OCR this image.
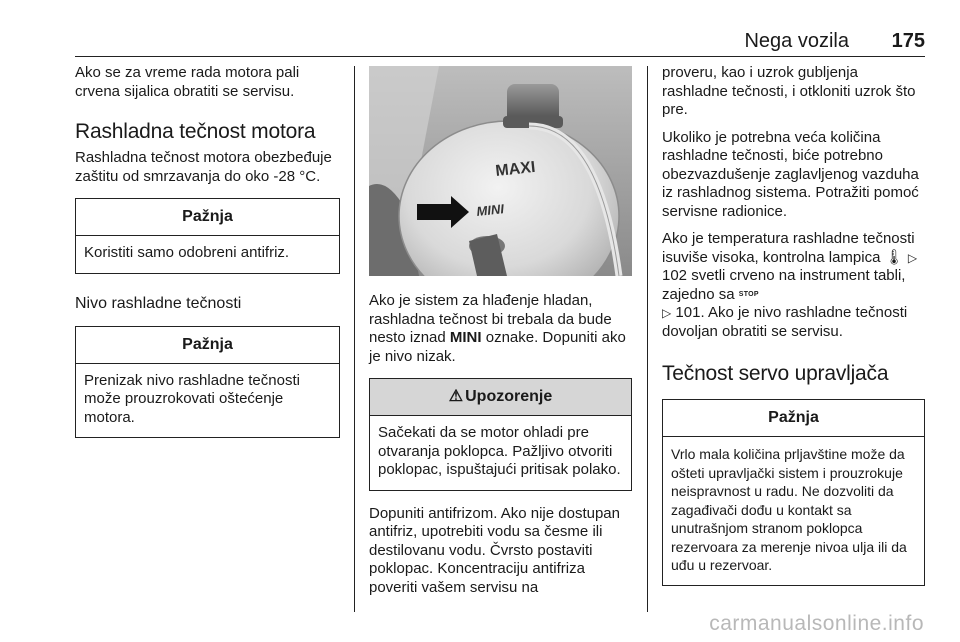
Nega vozila 175

Ako se za vreme rada motora pali crvena sijalica obratiti se servisu.

Rashladna tečnost motora

Rashladna tečnost motora obezbeđuje zaštitu od smrzavanja do oko -28 °C.

Pažnja

Koristiti samo odobreni antifriz.

Nivo rashladne tečnosti
Pažnja

Prenizak nivo rashladne tečnosti može prouzrokovati oštećenje motora.

MAXI
MINI

Ako je sistem za hlađenje hladan, rashladna tečnost bi trebala da bude nesto iznad MINI oznake. Dopuniti ako je nivo nizak.

⚠ Upozorenje

Sačekati da se motor ohladi pre otvaranja poklopca. Pažljivo otvoriti poklopac, ispuštajući pritisak polako.

Dopuniti antifrizom. Ako nije dostupan antifriz, upotrebiti vodu sa česme ili destilovanu vodu. Čvrsto postaviti poklopac. Koncentraciju antifriza poveriti vašem servisu na

proveru, kao i uzrok gubljenja rashladne tečnosti, i otkloniti uzrok što pre.

Ukoliko je potrebna veća količina rashladne tečnosti, biće potrebno obezvazdušenje zaglavljenog vazduha iz rashladnog sistema. Potražiti pomoć servisne radionice.

Ako je temperatura rashladne tečnosti isuviše visoka, kontrolna lampica 🌡 ▷ 102 svetli crveno na instrument tabli, zajedno sa STOP
▷ 101. Ako je nivo rashladne tečnosti dovoljan obratiti se servisu.

Tečnost servo upravljača
Pažnja

Vrlo mala količina prljavštine može da ošteti upravljački sistem i prouzrokuje neispravnost u radu. Ne dozvoliti da zagađivači dođu u kontakt sa unutrašnjom stranom poklopca rezervoara za merenje nivoa ulja ili da uđu u rezervoar.

carmanualsonline.info
